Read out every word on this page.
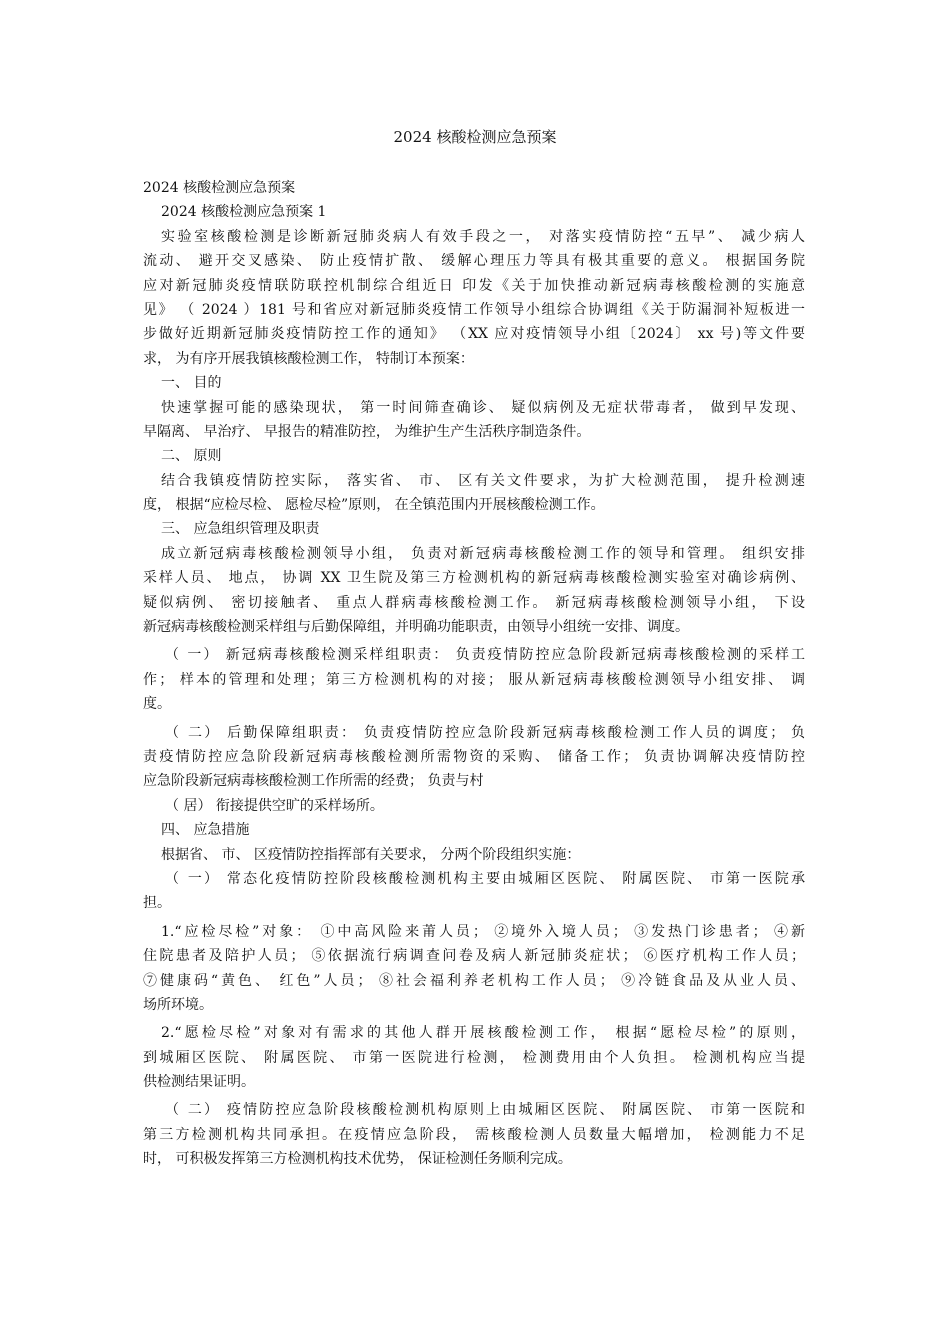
2024 核酸检测应急预案
2024 核酸检测应急预案
2024 核酸检测应急预案 1
实验室核酸检测是诊断新冠肺炎病人有效手段之一， 对落实疫情防控“五早”、 减少病人
流动、 避开交叉感染、 防止疫情扩散、 缓解心理压力等具有极其重要的意义。 根据国务院
应对新冠肺炎疫情联防联控机制综合组近日 印发《关于加快推动新冠病毒核酸检测的实施意
见》 （ 2024 ）181 号和省应对新冠肺炎疫情工作领导小组综合协调组《关于防漏洞补短板进一
步做好近期新冠肺炎疫情防控工作的通知》 （XX 应对疫情领导小组〔2024〕 xx 号)等文件要
求， 为有序开展我镇核酸检测工作， 特制订本预案：
一、 目的
快速掌握可能的感染现状， 第一时间筛查确诊、 疑似病例及无症状带毒者， 做到早发现、
早隔离、 早治疗、 早报告的精准防控， 为维护生产生活秩序制造条件。
二、 原则
结合我镇疫情防控实际， 落实省、 市、 区有关文件要求，为扩大检测范围， 提升检测速
度， 根据“应检尽检、 愿检尽检”原则， 在全镇范围内开展核酸检测工作。
三、 应急组织管理及职责
成立新冠病毒核酸检测领导小组， 负责对新冠病毒核酸检测工作的领导和管理。 组织安排
采样人员、 地点， 协调 XX 卫生院及第三方检测机构的新冠病毒核酸检测实验室对确诊病例、
疑似病例、 密切接触者、 重点人群病毒核酸检测工作。 新冠病毒核酸检测领导小组， 下设
新冠病毒核酸检测采样组与后勤保障组，并明确功能职责，由领导小组统一安排、调度。
（ 一） 新冠病毒核酸检测采样组职责： 负责疫情防控应急阶段新冠病毒核酸检测的采样工
作； 样本的管理和处理；第三方检测机构的对接； 服从新冠病毒核酸检测领导小组安排、 调
度。
（ 二） 后勤保障组职责： 负责疫情防控应急阶段新冠病毒核酸检测工作人员的调度； 负
责疫情防控应急阶段新冠病毒核酸检测所需物资的采购、 储备工作； 负责协调解决疫情防控
应急阶段新冠病毒核酸检测工作所需的经费； 负责与村
（ 居） 衔接提供空旷的采样场所。
四、 应急措施
根据省、 市、 区疫情防控指挥部有关要求， 分两个阶段组织实施：
（ 一） 常态化疫情防控阶段核酸检测机构主要由城厢区医院、 附属医院、 市第一医院承
担。
1.“应检尽检”对象： ①中高风险来莆人员； ②境外入境人员； ③发热门诊患者； ④新
住院患者及陪护人员； ⑤依据流行病调查问卷及病人新冠肺炎症状； ⑥医疗机构工作人员；
⑦健康码“黄色、 红色”人员； ⑧社会福利养老机构工作人员； ⑨冷链食品及从业人员、
场所环境。
2.“愿检尽检”对象对有需求的其他人群开展核酸检测工作， 根据“愿检尽检”的原则，
到城厢区医院、 附属医院、 市第一医院进行检测， 检测费用由个人负担。 检测机构应当提
供检测结果证明。
（ 二） 疫情防控应急阶段核酸检测机构原则上由城厢区医院、 附属医院、 市第一医院和
第三方检测机构共同承担。在疫情应急阶段， 需核酸检测人员数量大幅增加， 检测能力不足
时， 可积极发挥第三方检测机构技术优势， 保证检测任务顺利完成。
